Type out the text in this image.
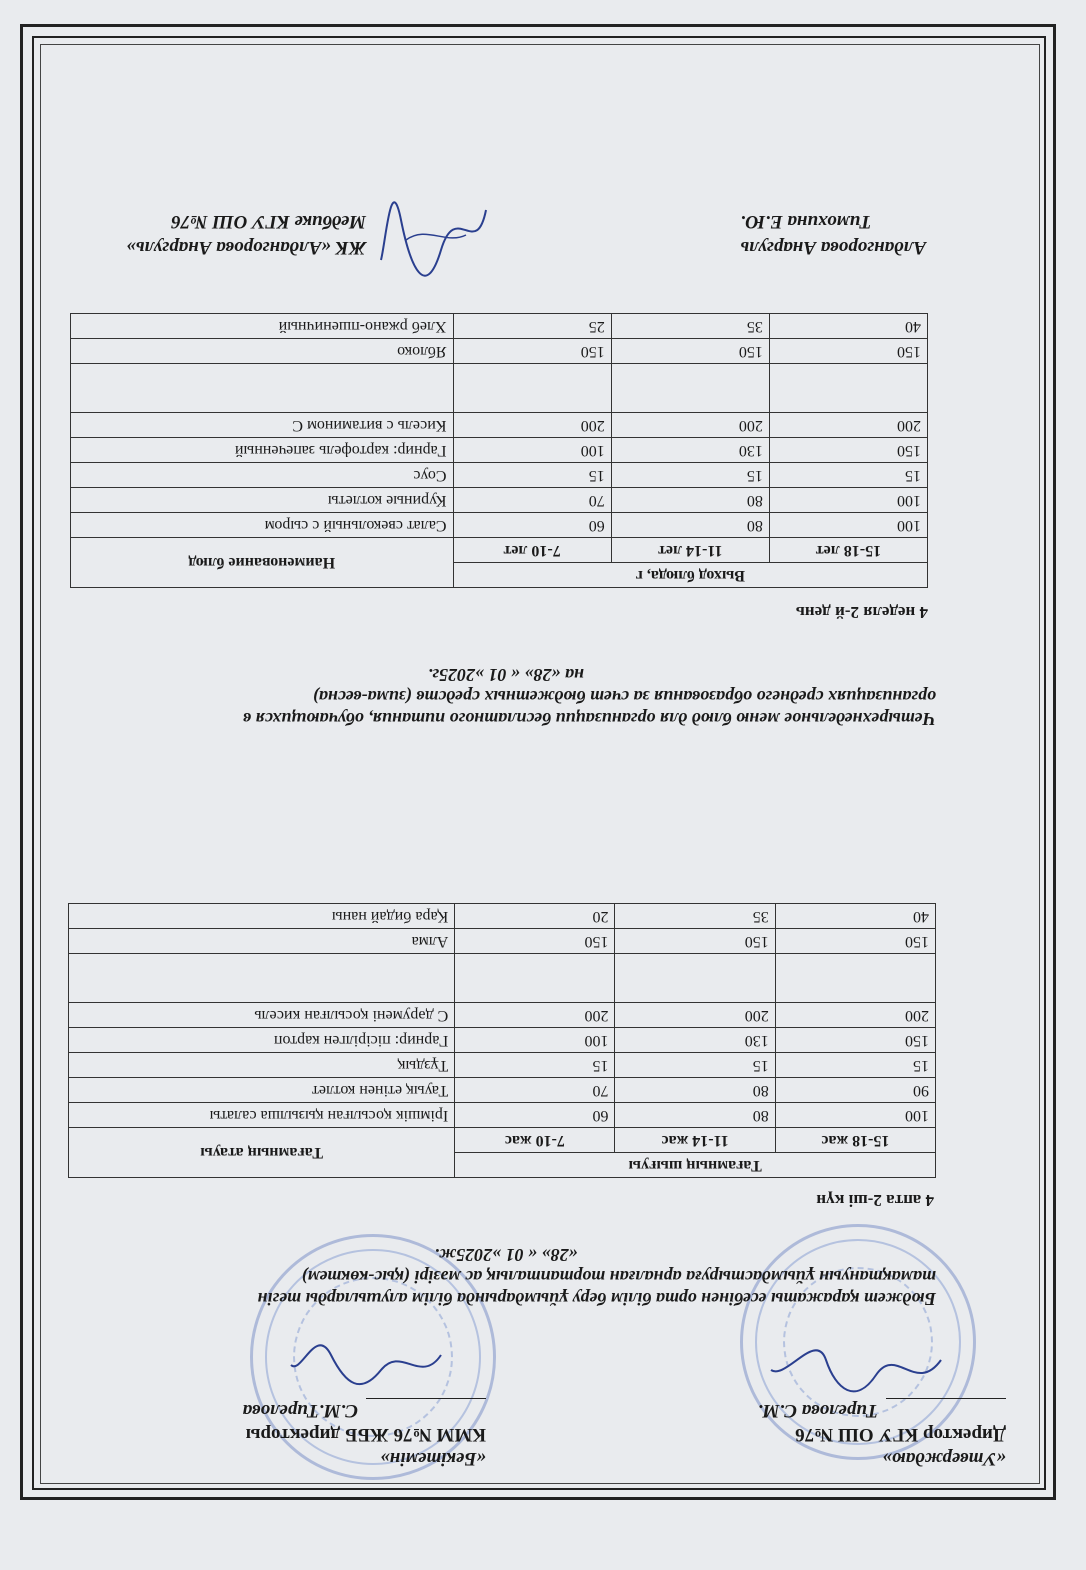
«Утверждаю»
Директор КГУ ОШ №76
Тирелова С.М.
«Бекітемін»
КММ №76 ЖББ директоры
С.М.Тирелова
Бюджет қаражаты есебінен орта білім беру ұйымдарында білім алушыларды тегін
тамақтануын ұйымдастыруға арналған тортапталық ас мәзірі (қыс-көктем)
«28» « 01 »2025ж.
4 апта 2-ші күн
Тағамның шығуы			Тағамның атауы
15-18 жас	11-14 жас	7-10 жас	
100	80	60	Ірімшік қосылған қызылша салаты
90	80	70	Тауық етінен котлет
15	15	15	Тұздық
150	130	100	Гарнир: пісірілген картоп
200	200	200	С дәрумені қосылған кисель

150	150	150	Алма
40	35	20	Қара бидай наны
Четырехнедельное меню блюд для организации бесплатного питания, обучающихся в
организациях среднего образования за счет бюджетных средств (зима-весна)
на «28» « 01 »2025г.
4 неделя 2-й день
Выход блюда, г			Наименование блюд
15-18 лет	11-14 лет	7-10 лет	
100	80	60	Салат свекольный с сыром
100	80	70	Куриные котлеты
15	15	15	Соус
150	130	100	Гарнир: картофель запеченный
200	200	200	Кисель с витамином С

150	150	150	Яблоко
40	35	25	Хлеб ржано-пшеничный
ЖК «Алдангорова Анаргуль»
Медбике КГУ ОШ №76
Алдангорова Анаргуль
Тимохина Е.Ю.
